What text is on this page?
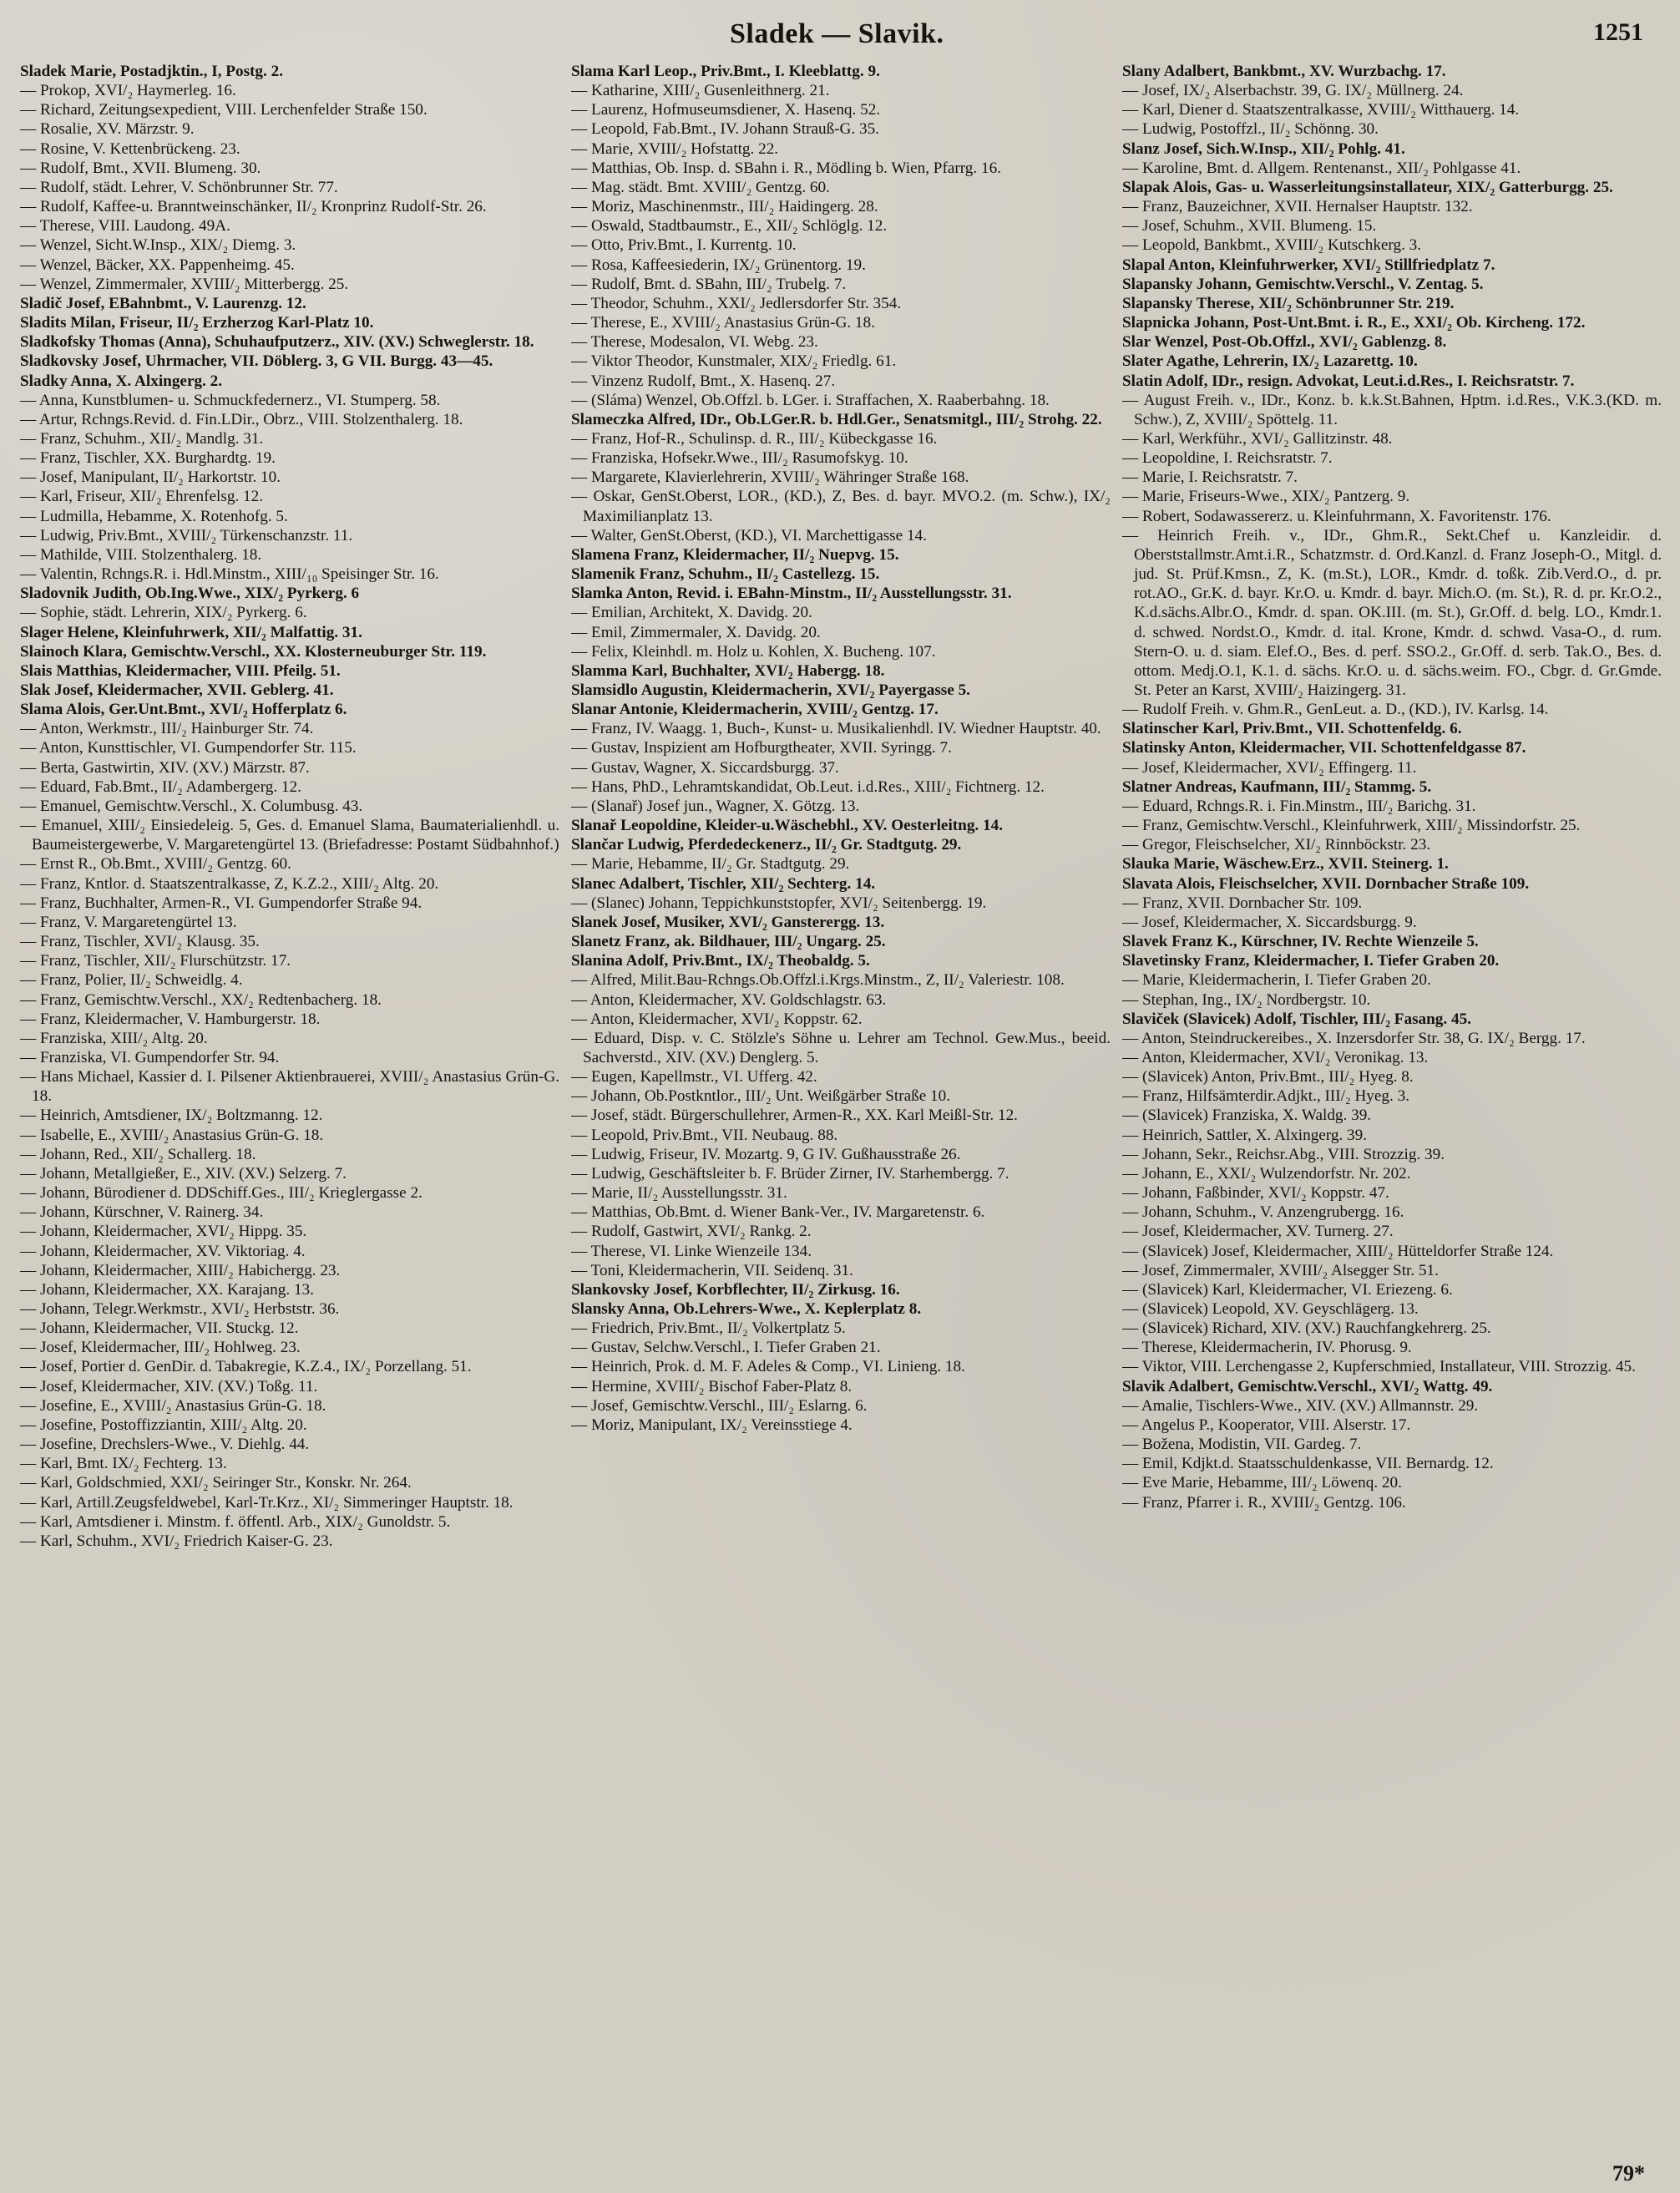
Sladek — Slavik.	1251

Sladek Marie, Postadjktin., I, Postg. 2.

— Prokop, XVI/₂ Haymerleg. 16.

— Richard, Zeitungsexpedient, VIII. Lerchenfelder Straße 150.

— Rosalie, XV. Märzstr. 9.

— Rosine, V. Kettenbrückeng. 23.

— Rudolf, Bmt., XVII. Blumeng. 30.

— Rudolf, städt. Lehrer, V. Schönbrunner Str. 77.

— Rudolf, Kaffee-u. Branntweinschänker, II/₂ Kronprinz Rudolf-Str. 26.

— Therese, VIII. Laudong. 49A.

— Wenzel, Sicht.W.Insp., XIX/₂ Diemg. 3.

— Wenzel, Bäcker, XX. Pappenheimg. 45.

— Wenzel, Zimmermaler, XVIII/₂ Mitterbergg. 25.

Sladič Josef, EBahnbmt., V. Laurenzg. 12.

Sladits Milan, Friseur, II/₂ Erzherzog Karl-Platz 10.

Sladkofsky Thomas (Anna), Schuhaufputzerz., XIV. (XV.) Schweglerstr. 18.

Sladkovsky Josef, Uhrmacher, VII. Döblerg. 3, G VII. Burgg. 43—45.

Sladky Anna, X. Alxingerg. 2.

— Anna, Kunstblumen- u. Schmuckfedernerz., VI. Stumperg. 58.

— Artur, Rchngs.Revid. d. Fin.LDir., Obrz., VIII. Stolzenthalerg. 18.

— Franz, Schuhm., XII/₂ Mandlg. 31.

— Franz, Tischler, XX. Burghardtg. 19.

— Josef, Manipulant, II/₂ Harkortstr. 10.

— Karl, Friseur, XII/₂ Ehrenfelsg. 12.

— Ludmilla, Hebamme, X. Rotenhofg. 5.

— Ludwig, Priv.Bmt., XVIII/₂ Türkenschanzstr. 11.

— Mathilde, VIII. Stolzenthalerg. 18.

— Valentin, Rchngs.R. i. Hdl.Minstm., XIII/₁₀ Speisinger Str. 16.

Sladovnik Judith, Ob.Ing.Wwe., XIX/₂ Pyrkerg. 6

— Sophie, städt. Lehrerin, XIX/₂ Pyrkerg. 6.

Slager Helene, Kleinfuhrwerk, XII/₂ Malfattig. 31.

Slainoch Klara, Gemischtw.Verschl., XX. Klosterneuburger Str. 119.

Slais Matthias, Kleidermacher, VIII. Pfeilg. 51.

Slak Josef, Kleidermacher, XVII. Geblerg. 41.

Slama Alois, Ger.Unt.Bmt., XVI/₂ Hofferplatz 6.

— Anton, Werkmstr., III/₂ Hainburger Str. 74.

— Anton, Kunsttischler, VI. Gumpendorfer Str. 115.

— Berta, Gastwirtin, XIV. (XV.) Märzstr. 87.

— Eduard, Fab.Bmt., II/₂ Adambergerg. 12.

— Emanuel, Gemischtw.Verschl., X. Columbusg. 43.

— Emanuel, XIII/₂ Einsiedeleig. 5, Ges. d. Emanuel Slama, Baumaterialienhdl. u. Baumeistergewerbe, V. Margaretengürtel 13. (Briefadresse: Postamt Südbahnhof.)

— Ernst R., Ob.Bmt., XVIII/₂ Gentzg. 60.

— Franz, Kntlor. d. Staatszentralkasse, Z, K.Z.2., XIII/₂ Altg. 20.

— Franz, Buchhalter, Armen-R., VI. Gumpendorfer Straße 94.

— Franz, V. Margaretengürtel 13.

— Franz, Tischler, XVI/₂ Klausg. 35.

— Franz, Tischler, XII/₂ Flurschützstr. 17.

— Franz, Polier, II/₂ Schweidlg. 4.

— Franz, Gemischtw.Verschl., XX/₂ Redtenbacherg. 18.

— Franz, Kleidermacher, V. Hamburgerstr. 18.

— Franziska, XIII/₂ Altg. 20.

— Franziska, VI. Gumpendorfer Str. 94.

— Hans Michael, Kassier d. I. Pilsener Aktienbrauerei, XVIII/₂ Anastasius Grün-G. 18.

— Heinrich, Amtsdiener, IX/₂ Boltzmanng. 12.

— Isabelle, E., XVIII/₂ Anastasius Grün-G. 18.

— Johann, Red., XII/₂ Schallerg. 18.

— Johann, Metallgießer, E., XIV. (XV.) Selzerg. 7.

— Johann, Bürodiener d. DDSchiff.Ges., III/₂ Krieglergasse 2.

— Johann, Kürschner, V. Rainerg. 34.

— Johann, Kleidermacher, XVI/₂ Hippg. 35.

— Johann, Kleidermacher, XV. Viktoriag. 4.

— Johann, Kleidermacher, XIII/₂ Habichergg. 23.

— Johann, Kleidermacher, XX. Karajang. 13.

— Johann, Telegr.Werkmstr., XVI/₂ Herbststr. 36.

— Johann, Kleidermacher, VII. Stuckg. 12.

— Josef, Kleidermacher, III/₂ Hohlweg. 23.

— Josef, Portier d. GenDir. d. Tabakregie, K.Z.4., IX/₂ Porzellang. 51.

— Josef, Kleidermacher, XIV. (XV.) Toßg. 11.

— Josefine, E., XVIII/₂ Anastasius Grün-G. 18.

— Josefine, Postoffizziantin, XIII/₂ Altg. 20.

— Josefine, Drechslers-Wwe., V. Diehlg. 44.

— Karl, Bmt. IX/₂ Fechterg. 13.

— Karl, Goldschmied, XXI/₂ Seiringer Str., Konskr. Nr. 264.

— Karl, Artill.Zeugsfeldwebel, Karl-Tr.Krz., XI/₂ Simmeringer Hauptstr. 18.

— Karl, Amtsdiener i. Minstm. f. öffentl. Arb., XIX/₂ Gunoldstr. 5.

— Karl, Schuhm., XVI/₂ Friedrich Kaiser-G. 23.

Slama Karl Leop., Priv.Bmt., I. Kleeblattg. 9.

— Katharine, XIII/₂ Gusenleithnerg. 21.

— Laurenz, Hofmuseumsdiener, X. Hasenq. 52.

— Leopold, Fab.Bmt., IV. Johann Strauß-G. 35.

— Marie, XVIII/₂ Hofstattg. 22.

— Matthias, Ob. Insp. d. SBahn i. R., Mödling b. Wien, Pfarrg. 16.

— Mag. städt. Bmt. XVIII/₂ Gentzg. 60.

— Moriz, Maschinenmstr., III/₂ Haidingerg. 28.

— Oswald, Stadtbaumstr., E., XII/₂ Schlöglg. 12.

— Otto, Priv.Bmt., I. Kurrentg. 10.

— Rosa, Kaffeesiederin, IX/₂ Grünentorg. 19.

— Rudolf, Bmt. d. SBahn, III/₂ Trubelg. 7.

— Theodor, Schuhm., XXI/₂ Jedlersdorfer Str. 354.

— Therese, E., XVIII/₂ Anastasius Grün-G. 18.

— Therese, Modesalon, VI. Webg. 23.

— Viktor Theodor, Kunstmaler, XIX/₂ Friedlg. 61.

— Vinzenz Rudolf, Bmt., X. Hasenq. 27.

— (Sláma) Wenzel, Ob.Offzl. b. LGer. i. Straffachen, X. Raaberbahng. 18.

Slameczka Alfred, IDr., Ob.LGer.R. b. Hdl.Ger., Senatsmitgl., III/₂ Strohg. 22.

— Franz, Hof-R., Schulinsp. d. R., III/₂ Kübeckgasse 16.

— Franziska, Hofsekr.Wwe., III/₂ Rasumofskyg. 10.

— Margarete, Klavierlehrerin, XVIII/₂ Währinger Straße 168.

— Oskar, GenSt.Oberst, LOR., (KD.), Z, Bes. d. bayr. MVO.2. (m. Schw.), IX/₂ Maximilianplatz 13.

— Walter, GenSt.Oberst, (KD.), VI. Marchettigasse 14.

Slamena Franz, Kleidermacher, II/₂ Nuepvg. 15.

Slamenik Franz, Schuhm., II/₂ Castellezg. 15.

Slamka Anton, Revid. i. EBahn-Minstm., II/₂ Ausstellungsstr. 31.

— Emilian, Architekt, X. Davidg. 20.

— Emil, Zimmermaler, X. Davidg. 20.

— Felix, Kleinhdl. m. Holz u. Kohlen, X. Bucheng. 107.

Slamma Karl, Buchhalter, XVI/₂ Habergg. 18.

Slamsidlo Augustin, Kleidermacherin, XVI/₂ Payergasse 5.

Slanar Antonie, Kleidermacherin, XVIII/₂ Gentzg. 17.

— Franz, IV. Waagg. 1, Buch-, Kunst- u. Musikalienhdl. IV. Wiedner Hauptstr. 40.

— Gustav, Inspizient am Hofburgtheater, XVII. Syringg. 7.

— Gustav, Wagner, X. Siccardsburgg. 37.

— Hans, PhD., Lehramtskandidat, Ob.Leut. i.d.Res., XIII/₂ Fichtnerg. 12.

— (Slanař) Josef jun., Wagner, X. Götzg. 13.

Slanař Leopoldine, Kleider-u.Wäschebhl., XV. Oesterleitng. 14.

Slančar Ludwig, Pferdedeckenerz., II/₂ Gr. Stadtgutg. 29.

— Marie, Hebamme, II/₂ Gr. Stadtgutg. 29.

Slanec Adalbert, Tischler, XII/₂ Sechterg. 14.

— (Slanec) Johann, Teppichkunststopfer, XVI/₂ Seitenbergg. 19.

Slanek Josef, Musiker, XVI/₂ Gansterergg. 13.

Slanetz Franz, ak. Bildhauer, III/₂ Ungarg. 25.

Slanina Adolf, Priv.Bmt., IX/₂ Theobaldg. 5.

— Alfred, Milit.Bau-Rchngs.Ob.Offzl.i.Krgs.Minstm., Z, II/₂ Valeriestr. 108.

— Anton, Kleidermacher, XV. Goldschlagstr. 63.

— Anton, Kleidermacher, XVI/₂ Koppstr. 62.

— Eduard, Disp. v. C. Stölzle's Söhne u. Lehrer am Technol. Gew.Mus., beeid. Sachverstd., XIV. (XV.) Denglerg. 5.

— Eugen, Kapellmstr., VI. Ufferg. 42.

— Johann, Ob.Postkntlor., III/₂ Unt. Weißgärber Straße 10.

— Josef, städt. Bürgerschullehrer, Armen-R., XX. Karl Meißl-Str. 12.

— Leopold, Priv.Bmt., VII. Neubaug. 88.

— Ludwig, Friseur, IV. Mozartg. 9, G IV. Gußhausstraße 26.

— Ludwig, Geschäftsleiter b. F. Brüder Zirner, IV. Starhembergg. 7.

— Marie, II/₂ Ausstellungsstr. 31.

— Matthias, Ob.Bmt. d. Wiener Bank-Ver., IV. Margaretenstr. 6.

— Rudolf, Gastwirt, XVI/₂ Rankg. 2.

— Therese, VI. Linke Wienzeile 134.

— Toni, Kleidermacherin, VII. Seidenq. 31.

Slankovsky Josef, Korbflechter, II/₂ Zirkusg. 16.

Slansky Anna, Ob.Lehrers-Wwe., X. Keplerplatz 8.

— Friedrich, Priv.Bmt., II/₂ Volkertplatz 5.

— Gustav, Selchw.Verschl., I. Tiefer Graben 21.

— Heinrich, Prok. d. M. F. Adeles & Comp., VI. Linieng. 18.

— Hermine, XVIII/₂ Bischof Faber-Platz 8.

— Josef, Gemischtw.Verschl., III/₂ Eslarng. 6.

— Moriz, Manipulant, IX/₂ Vereinsstiege 4.

Slany Adalbert, Bankbmt., XV. Wurzbachg. 17.

— Josef, IX/₂ Alserbachstr. 39, G. IX/₂ Müllnerg. 24.

— Karl, Diener d. Staatszentralkasse, XVIII/₂ Witthauerg. 14.

— Ludwig, Postoffzl., II/₂ Schönng. 30.

Slanz Josef, Sich.W.Insp., XII/₂ Pohlg. 41.

— Karoline, Bmt. d. Allgem. Rentenanst., XII/₂ Pohlgasse 41.

Slapak Alois, Gas- u. Wasserleitungsinstallateur, XIX/₂ Gatterburgg. 25.

— Franz, Bauzeichner, XVII. Hernalser Hauptstr. 132.

— Josef, Schuhm., XVII. Blumeng. 15.

— Leopold, Bankbmt., XVIII/₂ Kutschkerg. 3.

Slapal Anton, Kleinfuhrwerker, XVI/₂ Stillfriedplatz 7.

Slapansky Johann, Gemischtw.Verschl., V. Zentag. 5.

Slapansky Therese, XII/₂ Schönbrunner Str. 219.

Slapnicka Johann, Post-Unt.Bmt. i. R., E., XXI/₂ Ob. Kircheng. 172.

Slar Wenzel, Post-Ob.Offzl., XVI/₂ Gablenzg. 8.

Slater Agathe, Lehrerin, IX/₂ Lazarettg. 10.

Slatin Adolf, IDr., resign. Advokat, Leut.i.d.Res., I. Reichsratstr. 7.

— August Freih. v., IDr., Konz. b. k.k.St.Bahnen, Hptm. i.d.Res., V.K.3.(KD. m. Schw.), Z, XVIII/₂ Spöttelg. 11.

— Karl, Werkführ., XVI/₂ Gallitzinstr. 48.

— Leopoldine, I. Reichsratstr. 7.

— Marie, I. Reichsratstr. 7.

— Marie, Friseurs-Wwe., XIX/₂ Pantzerg. 9.

— Robert, Sodawassererz. u. Kleinfuhrmann, X. Favoritenstr. 176.

— Heinrich Freih. v., IDr., Ghm.R., Sekt.Chef u. Kanzleidir. d. Oberststallmstr.Amt.i.R., Schatzmstr. d. Ord.Kanzl. d. Franz Joseph-O., Mitgl. d. jud. St. Prüf.Kmsn., Z, K. (m.St.), LOR., Kmdr. d. toßk. Zib.Verd.O., d. pr. rot.AO., Gr.K. d. bayr. Kr.O. u. Kmdr. d. bayr. Mich.O. (m. St.), R. d. pr. Kr.O.2., K.d.sächs.Albr.O., Kmdr. d. span. OK.III. (m. St.), Gr.Off. d. belg. LO., Kmdr.1. d. schwed. Nordst.O., Kmdr. d. ital. Krone, Kmdr. d. schwd. Vasa-O., d. rum. Stern-O. u. d. siam. Elef.O., Bes. d. perf. SSO.2., Gr.Off. d. serb. Tak.O., Bes. d. ottom. Medj.O.1, K.1. d. sächs. Kr.O. u. d. sächs.weim. FO., Cbgr. d. Gr.Gmde. St. Peter an Karst, XVIII/₂ Haizingerg. 31.

— Rudolf Freih. v. Ghm.R., GenLeut. a. D., (KD.), IV. Karlsg. 14.

Slatinscher Karl, Priv.Bmt., VII. Schottenfeldg. 6.

Slatinsky Anton, Kleidermacher, VII. Schottenfeldgasse 87.

— Josef, Kleidermacher, XVI/₂ Effingerg. 11.

Slatner Andreas, Kaufmann, III/₂ Stammg. 5.

— Eduard, Rchngs.R. i. Fin.Minstm., III/₂ Barichg. 31.

— Franz, Gemischtw.Verschl., Kleinfuhrwerk, XIII/₂ Missindorfstr. 25.

— Gregor, Fleischselcher, XI/₂ Rinnböckstr. 23.

Slauka Marie, Wäschew.Erz., XVII. Steinerg. 1.

Slavata Alois, Fleischselcher, XVII. Dornbacher Straße 109.

— Franz, XVII. Dornbacher Str. 109.

— Josef, Kleidermacher, X. Siccardsburgg. 9.

Slavek Franz K., Kürschner, IV. Rechte Wienzeile 5.

Slavetinsky Franz, Kleidermacher, I. Tiefer Graben 20.

— Marie, Kleidermacherin, I. Tiefer Graben 20.

— Stephan, Ing., IX/₂ Nordbergstr. 10.

Slaviček (Slavicek) Adolf, Tischler, III/₂ Fasang. 45.

— Anton, Steindruckereibes., X. Inzersdorfer Str. 38, G. IX/₂ Bergg. 17.

— Anton, Kleidermacher, XVI/₂ Veronikag. 13.

— (Slavicek) Anton, Priv.Bmt., III/₂ Hyeg. 8.

— Franz, Hilfsämterdir.Adjkt., III/₂ Hyeg. 3.

— (Slavicek) Franziska, X. Waldg. 39.

— Heinrich, Sattler, X. Alxingerg. 39.

— Johann, Sekr., Reichsr.Abg., VIII. Strozzig. 39.

— Johann, E., XXI/₂ Wulzendorfstr. Nr. 202.

— Johann, Faßbinder, XVI/₂ Koppstr. 47.

— Johann, Schuhm., V. Anzengrubergg. 16.

— Josef, Kleidermacher, XV. Turnerg. 27.

— (Slavicek) Josef, Kleidermacher, XIII/₂ Hütteldorfer Straße 124.

— Josef, Zimmermaler, XVIII/₂ Alsegger Str. 51.

— (Slavicek) Karl, Kleidermacher, VI. Eriezeng. 6.

— (Slavicek) Leopold, XV. Geyschlägerg. 13.

— (Slavicek) Richard, XIV. (XV.) Rauchfangkehrerg. 25.

— Therese, Kleidermacherin, IV. Phorusg. 9.

— Viktor, VIII. Lerchengasse 2, Kupferschmied, Installateur, VIII. Strozzig. 45.

Slavik Adalbert, Gemischtw.Verschl., XVI/₂ Wattg. 49.

— Amalie, Tischlers-Wwe., XIV. (XV.) Allmannstr. 29.

— Angelus P., Kooperator, VIII. Alserstr. 17.

— Božena, Modistin, VII. Gardeg. 7.

— Emil, Kdjkt.d. Staatsschuldenkasse, VII. Bernardg. 12.

— Eve Marie, Hebamme, III/₂ Löwenq. 20.

— Franz, Pfarrer i. R., XVIII/₂ Gentzg. 106.

79*
